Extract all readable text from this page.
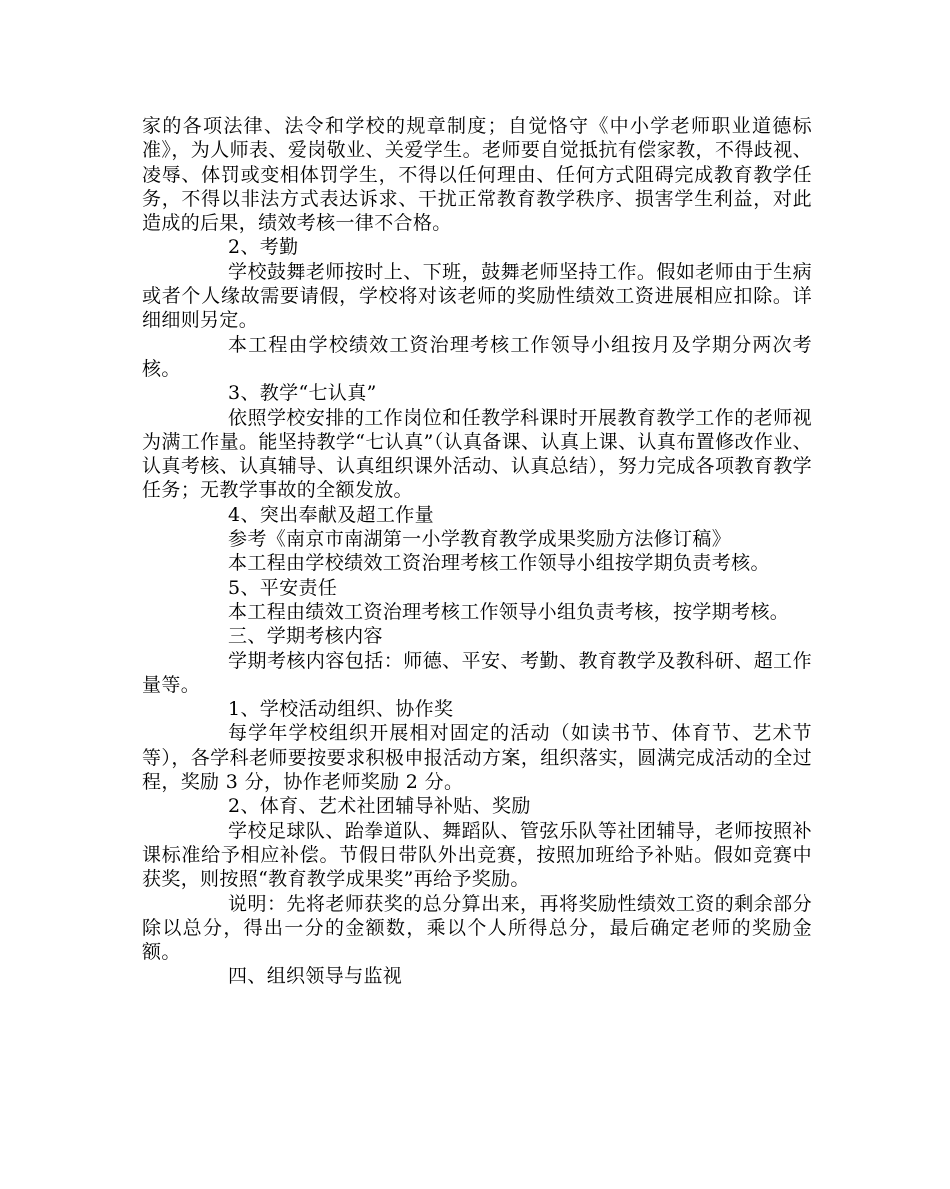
家的各项法律、法令和学校的规章制度；自觉恪守《中小学老师职业道德标准》，为人师表、爱岗敬业、关爱学生。老师要自觉抵抗有偿家教，不得歧视、凌辱、体罚或变相体罚学生，不得以任何理由、任何方式阻碍完成教育教学任务，不得以非法方式表达诉求、干扰正常教育教学秩序、损害学生利益，对此造成的后果，绩效考核一律不合格。

2、考勤

学校鼓舞老师按时上、下班，鼓舞老师坚持工作。假如老师由于生病或者个人缘故需要请假，学校将对该老师的奖励性绩效工资进展相应扣除。详细细则另定。

本工程由学校绩效工资治理考核工作领导小组按月及学期分两次考核。

3、教学“七认真”

依照学校安排的工作岗位和任教学科课时开展教育教学工作的老师视为满工作量。能坚持教学“七认真”（认真备课、认真上课、认真布置修改作业、认真考核、认真辅导、认真组织课外活动、认真总结），努力完成各项教育教学任务；无教学事故的全额发放。

4、突出奉献及超工作量

参考《南京市南湖第一小学教育教学成果奖励方法修订稿》

本工程由学校绩效工资治理考核工作领导小组按学期负责考核。

5、平安责任

本工程由绩效工资治理考核工作领导小组负责考核，按学期考核。

三、学期考核内容

学期考核内容包括：师德、平安、考勤、教育教学及教科研、超工作量等。

1、学校活动组织、协作奖

每学年学校组织开展相对固定的活动（如读书节、体育节、艺术节等），各学科老师要按要求积极申报活动方案，组织落实，圆满完成活动的全过程，奖励 3 分，协作老师奖励 2 分。

2、体育、艺术社团辅导补贴、奖励

学校足球队、跆拳道队、舞蹈队、管弦乐队等社团辅导，老师按照补课标准给予相应补偿。节假日带队外出竞赛，按照加班给予补贴。假如竞赛中获奖，则按照“教育教学成果奖”再给予奖励。

说明：先将老师获奖的总分算出来，再将奖励性绩效工资的剩余部分除以总分，得出一分的金额数，乘以个人所得总分，最后确定老师的奖励金额。

四、组织领导与监视
